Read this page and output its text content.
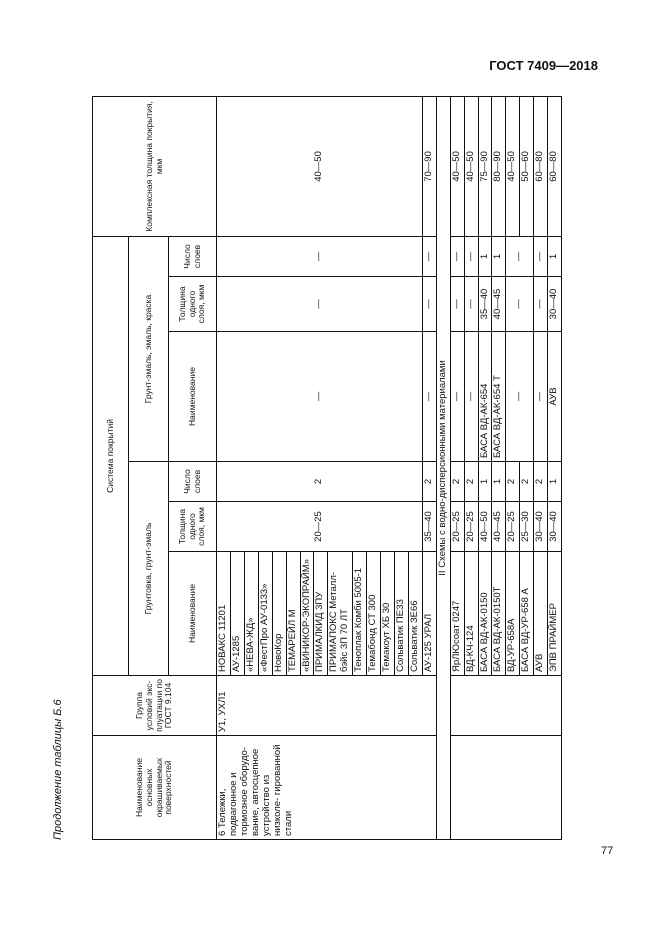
ГОСТ 7409—2018
Продолжение таблицы Б.6
77
Наименование основных окрашиваемых поверхностей	Группа условий экс- плуатации по ГОСТ 9.104	Система покрытий						Комплексная толщина покрытия, мкм
		Грунтовка, грунт-эмаль			Грунт-эмаль, эмаль, краска			
		Наименование	Толщина одного слоя, мкм	Число слоев	Наименование	Толщина одного слоя, мкм	Число слоев	
6 Тележки, подвагонное и тормозное оборудо- вание, автосцепное устройство из низколе- гированной стали	У1, УХЛ1	НОВАКС 11201	20—25	2	—	—	—	40—50
		АУ-1285						
		«НЕВА-ЖД»						
		«ФестПро АУ-0133»						
		НовоКор						
		ТЕМАРЕЙЛ М						
		«ВИНИКОР-ЭКОПРАЙМ»						
		ПРИМАЛКИД 3ПУ						
		ПРИМАПОКС Металл- бэйс 3П 70 ЛТ						
		Теноплак Комби 5005-1						
		Темабонд СТ 300						
		Темакоут ХБ 30						
		Сольватик ПЕЗ3						
		Сольватик ЗЕ66						
		АУ-125 УРАЛ	35—40	2	—	—	—	70—90
II Схемы с водно-дисперсионными материалами								
		ЯрЛЮсоат 0247	20—25	2	—	—	—	40—50
		ВД-КЧ-124	20—25	2	—	—	—	40—50
		БАСА ВД-АК-0150	40—50	1	БАСА ВД-АК-654	35—40	1	75—90
		БАСА ВД-АК-0150Т	40—45	1	БАСА ВД-АК-654 Т	40—45	1	80—90
		ВД-УР-658А	20—25	2	—	—	—	40—50
		БАСА ВД-УР-658 А	25—30	2				50—60
		АУВ	30—40	2	—	—	—	60—80
		ЭПВ ПРАЙМЕР	30—40	1	АУВ	30—40	1	60—80
